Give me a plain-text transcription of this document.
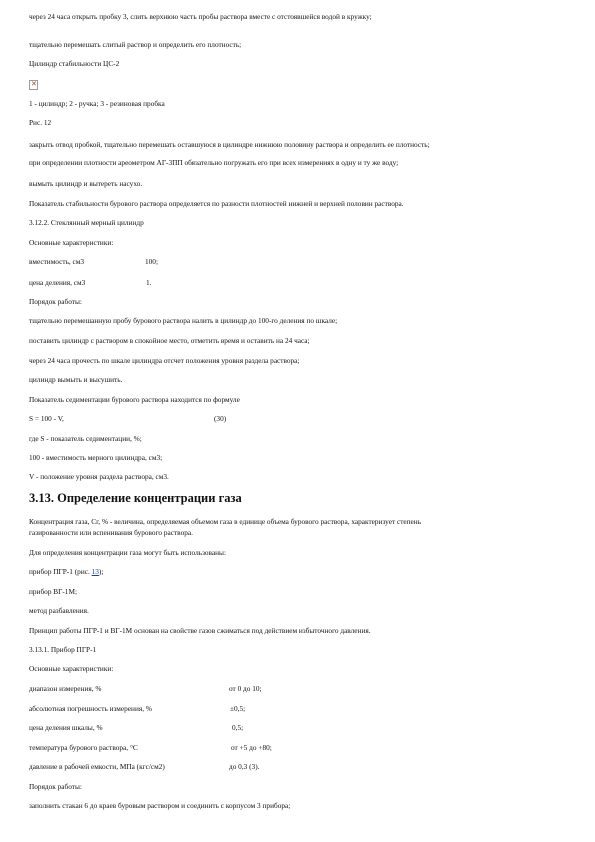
через 24 часа открыть пробку 3, слить верхнюю часть пробы раствора вместе с отстоявшейся водой в кружку;
тщательно перемешать слитый раствор и определить его плотность;
Цилиндр стабильности ЦС-2
✕
1 - цилиндр; 2 - ручка; 3 - резиновая пробка
Рис. 12
закрыть отвод пробкой, тщательно перемешать оставшуюся в цилиндре нижнюю половину раствора и определить ее плотность;
при определении плотности ареометром АГ-3ПП обязательно погружать его при всех измерениях в одну и ту же воду;
вымыть цилиндр и вытереть насухо.
Показатель стабильности бурового раствора определяется по разности плотностей нижней и верхней половин раствора.
3.12.2. Стеклянный мерный цилиндр
Основные характеристики:
вместимость, см3	100;
цена деления, см3	1.
Порядок работы:
тщательно перемешанную пробу бурового раствора налить в цилиндр до 100-го деления по шкале;
поставить цилиндр с раствором в спокойное место, отметить время и оставить на 24 часа;
через 24 часа прочесть по шкале цилиндра отсчет положения уровня раздела раствора;
цилиндр вымыть и высушить.
Показатель седиментации бурового раствора находится по формуле
S = 100 - V,	(30)
где S - показатель седиментации, %;
100 - вместимость мерного цилиндра, см3;
V - положение уровня раздела раствора, см3.
3.13. Определение концентрации газа
Концентрация газа, Сг, % - величина, определяемая объемом газа в единице объема бурового раствора, характеризует степень
газированности или вспенивания бурового раствора.
Для определения концентрации газа могут быть использованы:
прибор ПГР-1 (рис. 13);
прибор ВГ-1М;
метод разбавления.
Принцип работы ПГР-1 и ВГ-1М основан на свойстве газов сжиматься под действием избыточного давления.
3.13.1. Прибор ПГР-1
Основные характеристики:
диапазон измерения, %	от 0 до 10;
абсолютная погрешность измерения, %	±0,5;
цена деления шкалы, %	0,5;
температура бурового раствора, °С	от +5 до +80;
давление в рабочей емкости, МПа (кгс/см2)	до 0,3 (3).
Порядок работы:
заполнить стакан 6 до краев буровым раствором и соединить с корпусом 3 прибора;
